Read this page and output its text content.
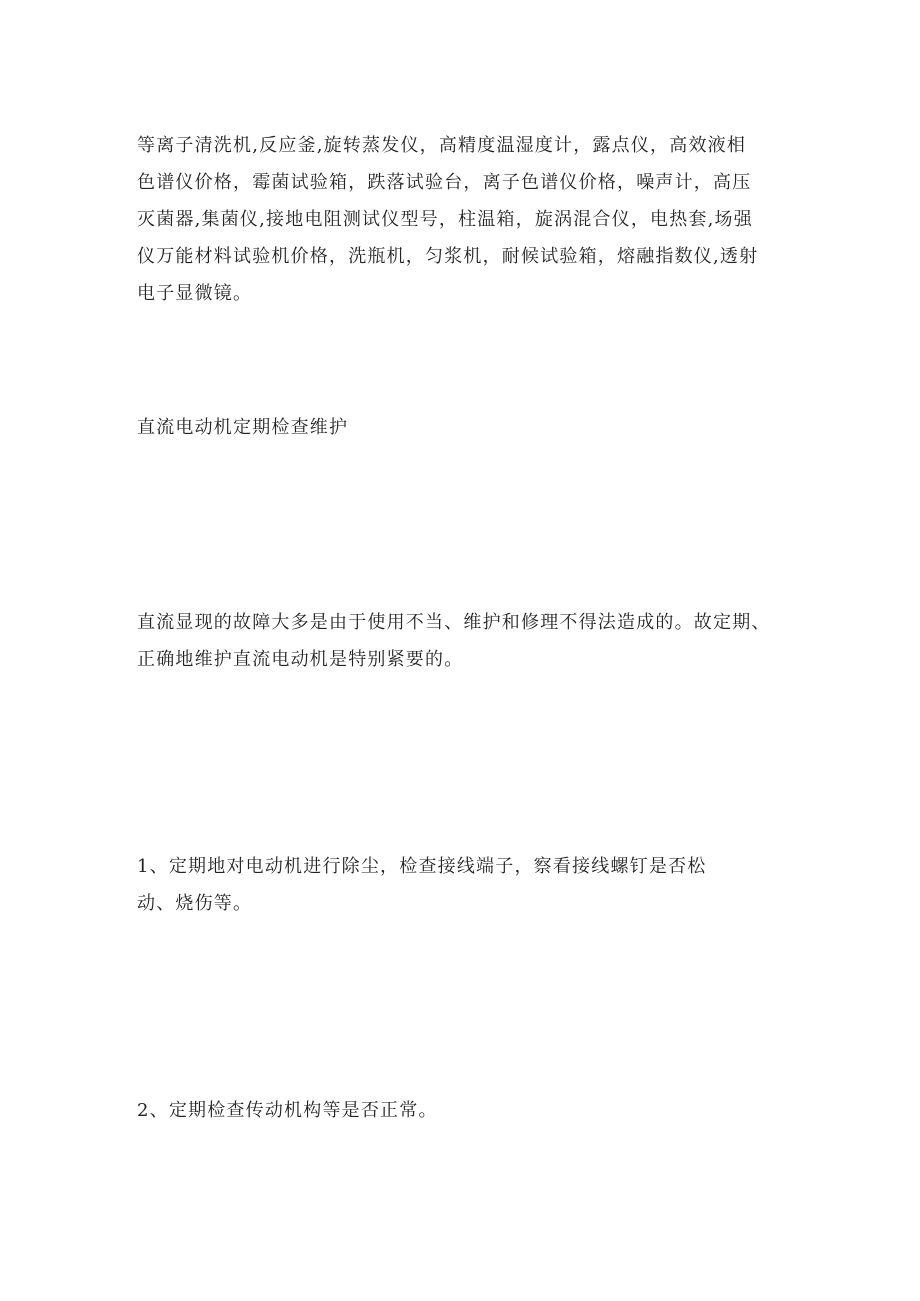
等离子清洗机,反应釜,旋转蒸发仪，高精度温湿度计，露点仪，高效液相
色谱仪价格，霉菌试验箱，跌落试验台，离子色谱仪价格，噪声计，高压
灭菌器,集菌仪,接地电阻测试仪型号，柱温箱，旋涡混合仪，电热套,场强
仪万能材料试验机价格，洗瓶机，匀浆机，耐候试验箱，熔融指数仪,透射
电子显微镜。
直流电动机定期检查维护
直流显现的故障大多是由于使用不当、维护和修理不得法造成的。故定期、
正确地维护直流电动机是特别紧要的。
1、定期地对电动机进行除尘，检查接线端子，察看接线螺钉是否松
动、烧伤等。
2、定期检查传动机构等是否正常。
